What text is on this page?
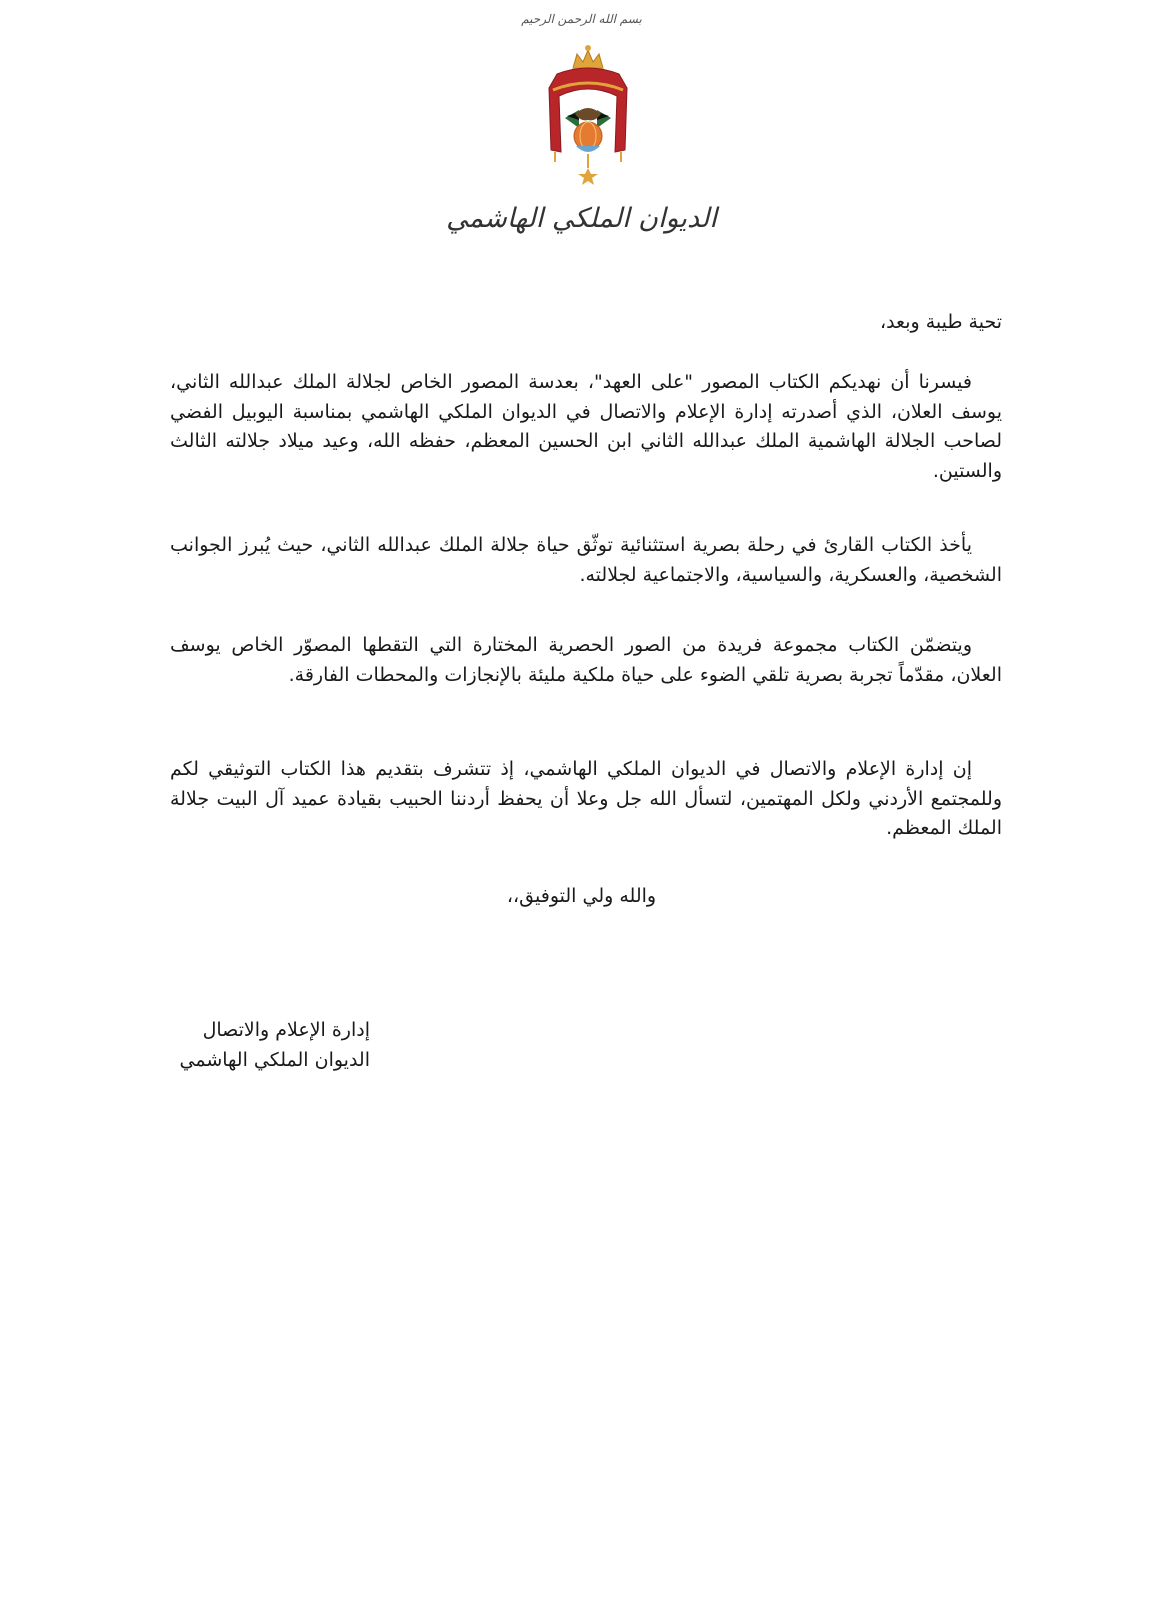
بسم الله الرحمن الرحيم
الديوان الملكي الهاشمي
تحية طيبة وبعد،
فيسرنا أن نهديكم الكتاب المصور "على العهد"، بعدسة المصور الخاص لجلالة الملك عبدالله الثاني، يوسف العلان، الذي أصدرته إدارة الإعلام والاتصال في الديوان الملكي الهاشمي بمناسبة اليوبيل الفضي لصاحب الجلالة الهاشمية الملك عبدالله الثاني ابن الحسين المعظم، حفظه الله، وعيد ميلاد جلالته الثالث والستين.
يأخذ الكتاب القارئ في رحلة بصرية استثنائية توثّق حياة جلالة الملك عبدالله الثاني، حيث يُبرز الجوانب الشخصية، والعسكرية، والسياسية، والاجتماعية لجلالته.
ويتضمّن الكتاب مجموعة فريدة من الصور الحصرية المختارة التي التقطها المصوّر الخاص يوسف العلان، مقدّماً تجربة بصرية تلقي الضوء على حياة ملكية مليئة بالإنجازات والمحطات الفارقة.
إن إدارة الإعلام والاتصال في الديوان الملكي الهاشمي، إذ تتشرف بتقديم هذا الكتاب التوثيقي لكم وللمجتمع الأردني ولكل المهتمين، لتسأل الله جل وعلا أن يحفظ أردننا الحبيب بقيادة عميد آل البيت جلالة الملك المعظم.
والله ولي التوفيق،،
إدارة الإعلام والاتصال
الديوان الملكي الهاشمي
